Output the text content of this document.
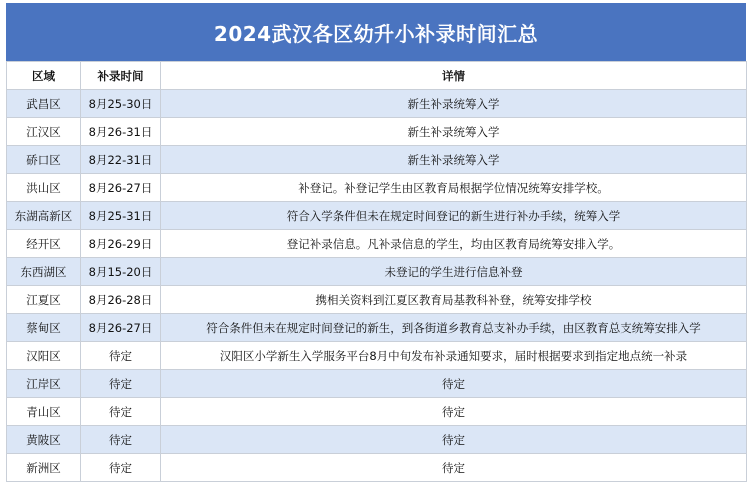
2024武汉各区幼升小补录时间汇总
区域	补录时间	详情
武昌区	8月25-30日	新生补录统筹入学
江汉区	8月26-31日	新生补录统筹入学
硚口区	8月22-31日	新生补录统筹入学
洪山区	8月26-27日	补登记。补登记学生由区教育局根据学位情况统筹安排学校。
东湖高新区	8月25-31日	符合入学条件但未在规定时间登记的新生进行补办手续，统筹入学
经开区	8月26-29日	登记补录信息。凡补录信息的学生，均由区教育局统筹安排入学。
东西湖区	8月15-20日	未登记的学生进行信息补登
江夏区	8月26-28日	携相关资料到江夏区教育局基教科补登，统筹安排学校
蔡甸区	8月26-27日	符合条件但未在规定时间登记的新生，到各街道乡教育总支补办手续，由区教育总支统筹安排入学
汉阳区	待定	汉阳区小学新生入学服务平台8月中旬发布补录通知要求，届时根据要求到指定地点统一补录
江岸区	待定	待定
青山区	待定	待定
黄陂区	待定	待定
新洲区	待定	待定
